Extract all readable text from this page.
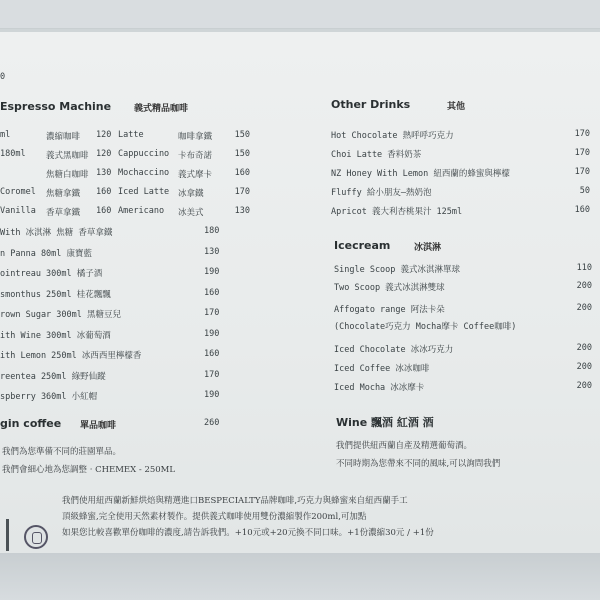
0
Espresso Machine	義式精品咖啡
ml	濃縮咖啡 120 Latte	咖啡拿鐵	150
180ml 義式黑咖啡 120 Cappuccino 卡布奇諾	150
焦糖白咖啡 130 Mochaccino 義式摩卡	160
Coromel 焦糖拿鐵 160 Iced Latte 冰拿鐵	170
Vanilla 香草拿鐵 160 Americano 冰美式	130
With 冰淇淋 焦糖 香草拿鐵	180
n Panna 80ml 康寶藍	130
ointreau 300ml 橘子酒	190
smonthus 250ml 桂花飄飄	160
rown Sugar 300ml 黑糖豆兒	170
ith Wine 300ml 冰葡萄酒	190
ith Lemon 250ml 冰西西里檸檬香	160
reentea 250ml 綠野仙蹤	170
spberry 360ml 小紅帽	190
gin coffee 單品咖啡	260
我們為您準備不同的莊園單品。
我們會細心地為您調整 · CHEMEX - 250ML
Other Drinks	其他
Hot Chocolate 熱呼呼巧克力	170
Choi Latte 香料奶茶	170
NZ Honey With Lemon 紐西蘭的蜂蜜與檸檬	170
Fluffy 給小朋友—熱奶泡	50
Apricot 義大利杏桃果汁 125ml	160
Icecream	冰淇淋
Single Scoop 義式冰淇淋單球	110
Two Scoop 義式冰淇淋雙球	200
Affogato range 阿法卡朵	200
(Chocolate巧克力 Mocha摩卡 Coffee咖啡)
Iced Chocolate 冰冰巧克力	200
Iced Coffee 冰冰咖啡	200
Iced Mocha 冰冰摩卡	200
Wine 飄酒 紅酒 酒
我們提供紐西蘭自產及精選葡萄酒。
不同時期為您帶來不同的風味,可以詢問我們
我們使用紐西蘭新鮮烘焙與精選進口BESPECIALTY品牌咖啡,巧克力與蜂蜜來自紐西蘭手工
頂級蜂蜜,完全使用天然素材製作。提供義式咖啡使用雙份濃縮製作200ml,可加點
如果您比較喜歡單份咖啡的濃度,請告訴我們。+10元或+20元換不同口味。+1份濃縮30元 / +1份
